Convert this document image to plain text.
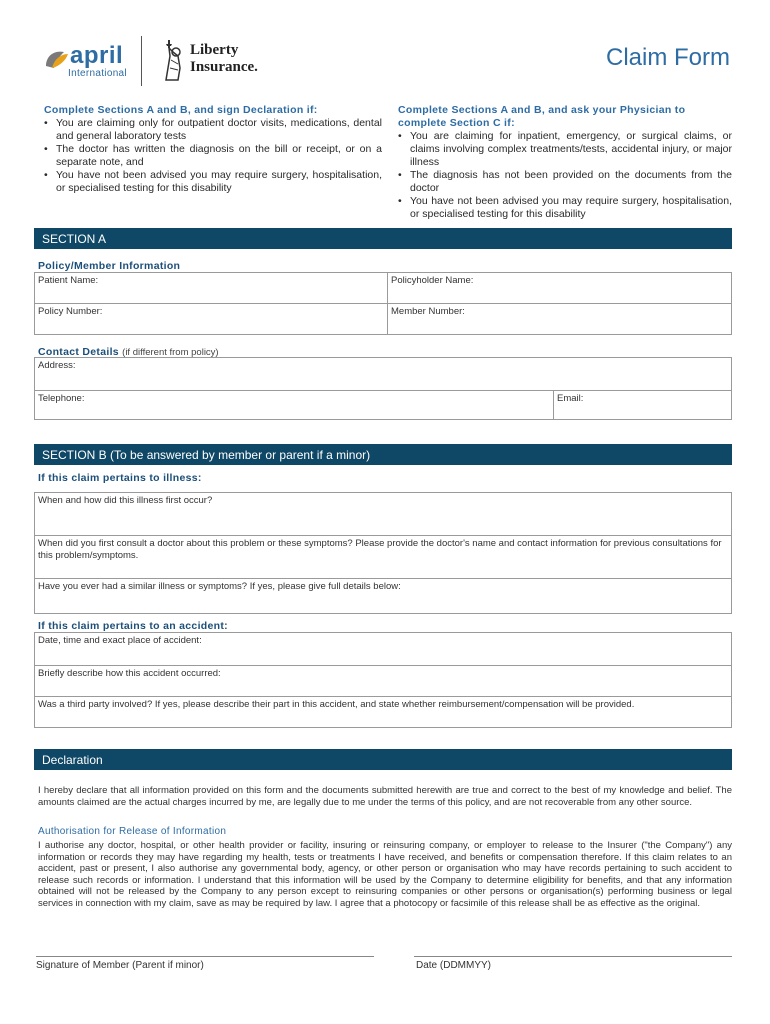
april
International
Liberty
Insurance.	Claim Form
Complete Sections A and B, and sign Declaration if:
• You are claiming only for outpatient doctor visits, medications, dental and general laboratory tests
• The doctor has written the diagnosis on the bill or receipt, or on a separate note, and
• You have not been advised you may require surgery, hospitalisation, or specialised testing for this disability
Complete Sections A and B, and ask your Physician to complete Section C if:
• You are claiming for inpatient, emergency, or surgical claims, or claims involving complex treatments/tests, accidental injury, or major illness
• The diagnosis has not been provided on the documents from the doctor
• You have not been advised you may require surgery, hospitalisation, or specialised testing for this disability
SECTION A
Policy/Member Information
Patient Name:	Policyholder Name:
Policy Number:	Member Number:
Contact Details (if different from policy)
Address:
Telephone:	Email:
SECTION B (To be answered by member or parent if a minor)
If this claim pertains to illness:
When and how did this illness first occur?
When did you first consult a doctor about this problem or these symptoms? Please provide the doctor's name and contact information for previous consultations for this problem/symptoms.
Have you ever had a similar illness or symptoms? If yes, please give full details below:
If this claim pertains to an accident:
Date, time and exact place of accident:
Briefly describe how this accident occurred:
Was a third party involved? If yes, please describe their part in this accident, and state whether reimbursement/compensation will be provided.
Declaration
I hereby declare that all information provided on this form and the documents submitted herewith are true and correct to the best of my knowledge and belief. The amounts claimed are the actual charges incurred by me, are legally due to me under the terms of this policy, and are not recoverable from any other source.
Authorisation for Release of Information
I authorise any doctor, hospital, or other health provider or facility, insuring or reinsuring company, or employer to release to the Insurer ("the Company") any information or records they may have regarding my health, tests or treatments I have received, and benefits or compensation therefore. If this claim relates to an accident, past or present, I also authorise any governmental body, agency, or other person or organisation who may have records pertaining to such accident to release such records or information. I understand that this information will be used by the Company to determine eligibility for benefits, and that any information obtained will not be released by the Company to any person except to reinsuring companies or other persons or organisation(s) performing business or legal services in connection with my claim, save as may be required by law. I agree that a photocopy or facsimile of this release shall be as effective as the original.
Signature of Member (Parent if minor)	Date (DDMMYY)
